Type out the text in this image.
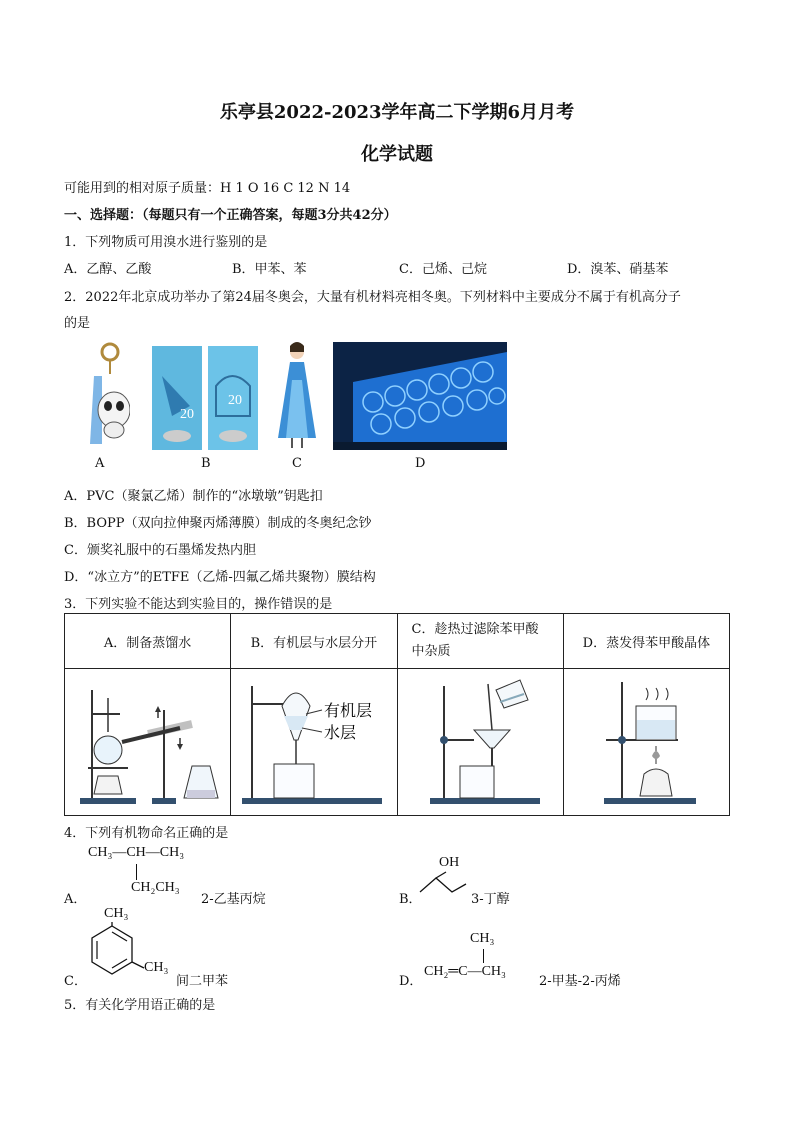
乐亭县2022-2023学年高二下学期6月月考
化学试题
可能用到的相对原子质量：H 1 O 16 C 12 N 14
一、选择题：（每题只有一个正确答案，每题3分共42分）
1．下列物质可用溴水进行鉴别的是
A．乙醇、乙酸	B．甲苯、苯	C．己烯、己烷	D．溴苯、硝基苯
2．2022年北京成功举办了第24届冬奥会，大量有机材料亮相冬奥。下列材料中主要成分不属于有机高分子
的是
20
20
A	B	C	D
A．PVC（聚氯乙烯）制作的“冰墩墩”钥匙扣
B．BOPP（双向拉伸聚丙烯薄膜）制成的冬奥纪念钞
C．颁奖礼服中的石墨烯发热内胆
D．“冰立方”的ETFE（乙烯-四氟乙烯共聚物）膜结构
3．下列实验不能达到实验目的，操作错误的是
A．制备蒸馏水	B．有机层与水层分开	C．趁热过滤除苯甲酸中杂质	D．蒸发得苯甲酸晶体

有机层
水层

4．下列有机物命名正确的是
A．
CH₃—CH—CH₃
CH₂CH₃
2-乙基丙烷	B．
OH
3-丁醇
C．
CH₃
CH₃
间二甲苯	D．
CH₃
CH₂═C—CH₃
2-甲基-2-丙烯
5．有关化学用语正确的是
